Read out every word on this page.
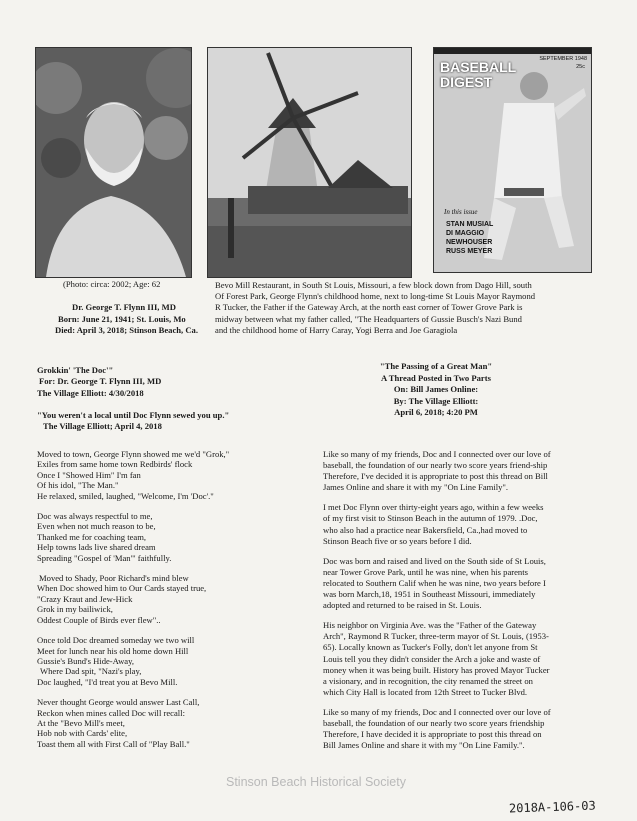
BASEBALL DIGEST
SEPTEMBER 1948
25c
In this issue
STAN MUSIAL
DI MAGGIO
NEWHOUSER
RUSS MEYER
(Photo: circa: 2002; Age: 62
Dr. George T. Flynn III, MD
Born: June 21, 1941; St. Louis, Mo
Died: April 3, 2018; Stinson Beach, Ca.
Bevo Mill Restaurant, in South St Louis, Missouri, a few block down from Dago Hill, south
Of Forest Park, George Flynn's childhood home, next to long-time St Louis Mayor Raymond
R Tucker, the Father if the Gateway Arch, at the north east corner of Tower Grove Park is
midway between what my father called, "The Headquarters of Gussie Busch's Nazi Bund
and the childhood home of Harry Caray, Yogi Berra and Joe Garagiola
Grokkin' 'The Doc'"
For: Dr. George T. Flynn III, MD
The Village Elliott: 4/30/2018
"You weren't a local until Doc Flynn sewed you up."
The Village Elliott; April 4, 2018
Moved to town, George Flynn showed me we'd "Grok,"
Exiles from same home town Redbirds' flock
Once I "Showed Him" I'm fan
Of his idol, "The Man."
He relaxed, smiled, laughed, "Welcome, I'm 'Doc'."
Doc was always respectful to me,
Even when not much reason to be,
Thanked me for coaching team,
Help towns lads live shared dream
Spreading "Gospel of 'Man'" faithfully.
Moved to Shady, Poor Richard's mind blew
When Doc showed him to Our Cards stayed true,
"Crazy Kraut and Jew-Hick
Grok in my bailiwick,
Oddest Couple of Birds ever flew"..
Once told Doc dreamed someday we two will
Meet for lunch near his old home down Hill
Gussie's Bund's Hide-Away,
Where Dad spit, "Nazi's play,
Doc laughed, "I'd treat you at Bevo Mill.
Never thought George would answer Last Call,
Reckon when mines called Doc will recall:
At the "Bevo Mill's meet,
Hob nob with Cards' elite,
Toast them all with First Call of "Play Ball."
"The Passing of a Great Man"
A Thread Posted in Two Parts
On: Bill James Online:
By: The Village Elliott:
April 6, 2018; 4:20 PM
Like so many of my friends, Doc and I connected over our love of
baseball, the foundation of our nearly two score years friend-ship
Therefore, I've decided it is appropriate to post this thread on Bill
James Online and share it with my "On Line Family".
I met Doc Flynn over thirty-eight years ago, within a few weeks
of my first visit to Stinson Beach in the autumn of 1979. .Doc,
who also had a practice near Bakersfield, Ca.,had moved to
Stinson Beach five or so years before I did.
Doc was born and raised and lived on the South side of St Louis,
near Tower Grove Park, until he was nine, when his parents
relocated to Southern Calif when he was nine, two years before I
was born March,18, 1951 in Southeast Missouri, immediately
adopted and returned to be raised in St. Louis.
His neighbor on Virginia Ave. was the "Father of the Gateway
Arch", Raymond R Tucker, three-term mayor of St. Louis, (1953-
65). Locally known as Tucker's Folly, don't let anyone from St
Louis tell you they didn't consider the Arch a joke and waste of
money when it was being built. History has proved Mayor Tucker
a visionary, and in recognition, the city renamed the street on
which City Hall is located from 12th Street to Tucker Blvd.
Like so many of my friends, Doc and I connected over our love of
baseball, the foundation of our nearly two score years friendship
Therefore, I have decided it is appropriate to post this thread on
Bill James Online and share it with my "On Line Family.".
Stinson Beach Historical Society
2018A-106-03
